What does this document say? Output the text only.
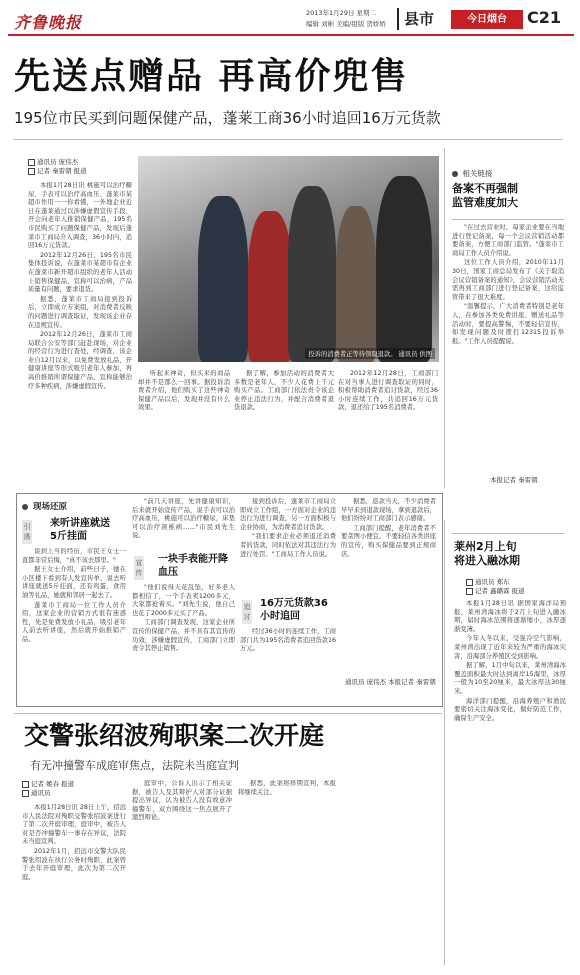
齐鲁晚报	2013年1月29日 星期二
编辑 刘彬 美编/组版 贺娇娇 县市	今日烟台	C21
先送点赠品 再高价兜售
195位市民买到问题保健产品，蓬莱工商36小时追回16万元货款
通讯员 庞伟杰
记者 秦雷朝 报道

本报1月28日讯 桃施可以治疗糖尿、手表可以治疗高血压、蓬莱市某超市作用一一你看懂，一外地企业近日在蓬莱通过以涉嫌虚假宣传手段，开会向老年人推销保健产品，195名市民购买了问题保健产品，发现后蓬莱市工商局介入调查，36小时内，追回16万元货款。

2012年12月26日，195名市民集体投诉说，在蓬莱市某超市有企业在蓬莱市新开超市组织的老年人活动上销售保健品，宣称可以治病，产品质量有问题，要求退货。

据悉，蓬莱市工商局接到投诉后，立即成立专案组，对消费者反映的问题进行调查取证，发现该企业存在违规宣传。

2012年12月26日，蓬莱市工商局联合公安等部门赶赴现场，对企业的经营行为进行查处，经调查，该企业自12月以来，以免费发放礼品、开健康讲座等形式吸引老年人参加，再高价推销所谓保健产品，宣称能够治疗多种疾病，涉嫌虚假宣传。

投诉的消费者正等待领取退款。 通讯员 供图

听起来神奇，但买来的商品却并不是那么一回事。据投诉消费者介绍，他们购买了这些神奇保健产品以后，发现并没有什么效果。

据了解，参加活动的消费者大多数是老年人，不少人花费上千元购买产品。工商部门依法责令该企业停止违法行为，并配合消费者退货退款。

2012年12月28日，工商部门在对当事人进行调查取证的同时，积极帮助消费者追讨货款，经过36小时连续工作，共追回16万元货款，退还给了195名消费者。

相关链接
备案不再强制
监管难度加大

"在过去营业时，每家企业要在当地进行登记备案，每一个会议营销活动都要备案，方便工商部门监管。"蓬莱市工商局工作人员介绍说。

这位工作人员介绍，2010年11月30日，国家工商总局发布了《关于取消会议营销备案的通知》，会议营销活动无需再到工商部门进行登记备案，这给监管带来了很大难度。

"温馨提示，广大消费者特别是老年人，在参加各类免费讲座、赠送礼品等活动时，要提高警惕，不要轻信宣传，如发现问题及时拨打12315投诉举报。"工作人员提醒说。

本报记者 秦雷朝
现场还原
引诱
来听讲座就送5斤挂面

谈到上当的经历，市民王女士一直都非常后悔，"真不该去那里。"

据王女士介绍，前些日子，她在小区楼下看到有人发宣传单，说去听讲座就送5斤挂面，还有鸡蛋、食用油等礼品，她就和邻居一起去了。

蓬莱市工商局一位工作人员介绍，这家企业的营销方式很有迷惑性，先是免费发放小礼品，吸引老年人前去听讲座，然后就开始推销产品。

"前几天讲座，先讲健康知识，后来就开始宣传产品，说手表可以治疗高血压，桃施可以治疗糖尿，床垫可以治疗颈椎病……"市民刘先生说。

宣传
一块手表能开降血压

"他们说得天花乱坠，好多老人都相信了，一个手表卖1200多元，大家都抢着买。"刘先生说，他自己也花了2000多元买了产品。

工商部门调查发现，这家企业所宣传的保健产品，并不具有其宣传的功效，涉嫌虚假宣传，工商部门立即责令其停止销售。

接到投诉后，蓬莱市工商局立即成立工作组，一方面对企业的违法行为进行调查，另一方面积极与企业协商，为消费者追讨货款。

"我们要求企业必须退还消费者的货款，同时依法对其违法行为进行处罚。"工商局工作人员说。

追讨
16万元货款36小时追回

经过36小时的连续工作，工商部门共为195名消费者追回货款16万元。

据悉，退款当天，不少消费者早早来到退款现场，拿到退款后，他们纷纷对工商部门表示感谢。

工商部门提醒，老年消费者不要贪图小便宜，不要轻信各类讲座的宣传，购买保健品要到正规商店。

通讯员 庞伟杰 本报记者 秦雷朝
莱州2月上旬
将进入融冰期
通讯员 郑东
记者 鑫璐霖 报道

本报1月28日讯 据国家海洋局预报，莱州湾海冰将于2月上旬进入融冰期，届时海冰范围将逐渐缩小，冰厚逐渐变薄。

今年入冬以来，受强冷空气影响，莱州湾出现了近年来较为严重的海冰灾害，沿海部分养殖区受到影响。

据了解，1月中旬以来，莱州湾海冰覆盖面积最大时达到离岸15海里，冰厚一般为10至20厘米，最大冰厚达30厘米。

海洋部门提醒，沿海养殖户和渔民要密切关注海冰变化，做好防范工作，确保生产安全。

交警张绍波殉职案二次开庭
有无冲撞警车成庭审焦点，法院未当庭宣判
记者 姬春 报道
通讯员

本报1月28日讯 28日上午，招远市人民法院对殉职交警张绍波案进行了第二次开庭审理，庭审中，被告人对是否冲撞警车一事存在异议，法院未当庭宣判。

2012年1月，招远市交警大队民警张绍波在执行公务时殉职，此案曾于去年开庭审理，此次为第二次开庭。

庭审中，公诉人出示了相关证据，被告人及其辩护人对部分证据提出异议，认为被告人没有故意冲撞警车，双方围绕这一焦点展开了激烈辩论。

据悉，此案将择期宣判，本报将继续关注。
